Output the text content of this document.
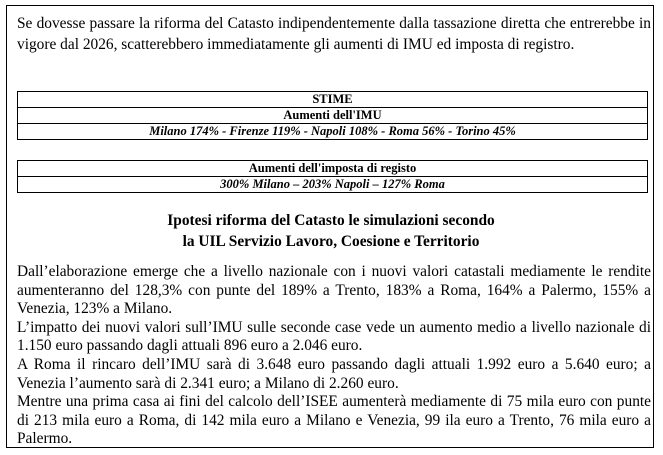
Se dovesse passare la riforma del Catasto indipendentemente dalla tassazione diretta che entrerebbe in vigore dal 2026, scatterebbero immediatamente gli aumenti di IMU ed imposta di registro.
STIME
Aumenti dell'IMU
Milano 174% - Firenze 119% - Napoli 108% - Roma 56% - Torino 45%
Aumenti dell'imposta di registo
300% Milano – 203% Napoli – 127% Roma
Ipotesi riforma del Catasto le simulazioni secondo
la UIL Servizio Lavoro, Coesione e Territorio

Dall’elaborazione emerge che a livello nazionale con i nuovi valori catastali mediamente le rendite aumenteranno del 128,3% con punte del 189% a Trento, 183% a Roma, 164% a Palermo, 155% a Venezia, 123% a Milano.

L’impatto dei nuovi valori sull’IMU sulle seconde case vede un aumento medio a livello nazionale di 1.150 euro passando dagli attuali 896 euro a 2.046 euro.

A Roma il rincaro dell’IMU sarà di 3.648 euro passando dagli attuali 1.992 euro a 5.640 euro; a Venezia l’aumento sarà di 2.341 euro; a Milano di 2.260 euro.

Mentre una prima casa ai fini del calcolo dell’ISEE aumenterà mediamente di 75 mila euro con punte di 213 mila euro a Roma, di 142 mila euro a Milano e Venezia, 99 ila euro a Trento, 76 mila euro a Palermo.
